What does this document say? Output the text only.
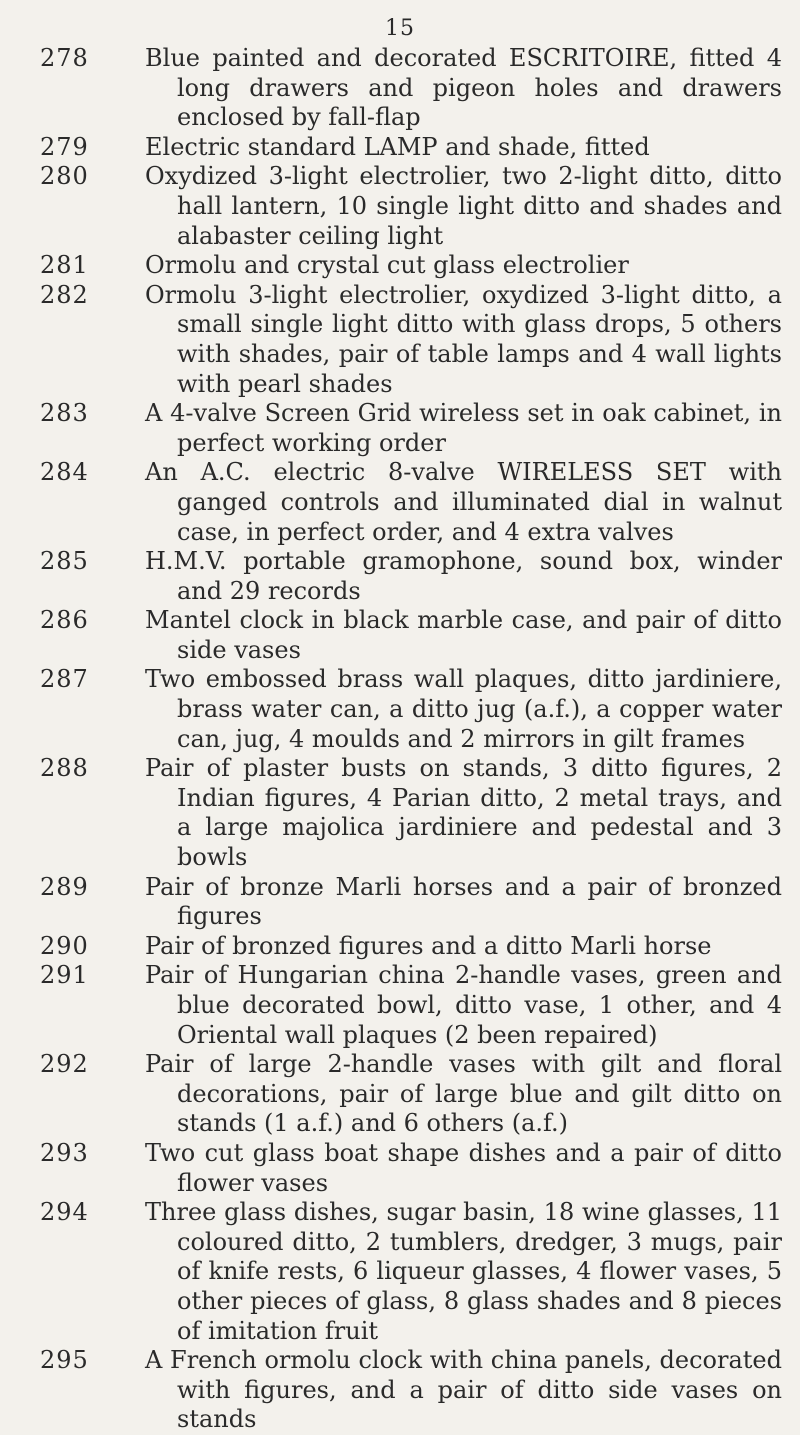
15
278 Blue painted and decorated ESCRITOIRE, fitted 4 long drawers and pigeon holes and drawers enclosed by fall-flap
279 Electric standard LAMP and shade, fitted
280 Oxydized 3-light electrolier, two 2-light ditto, ditto hall lantern, 10 single light ditto and shades and alabaster ceiling light
281 Ormolu and crystal cut glass electrolier
282 Ormolu 3-light electrolier, oxydized 3-light ditto, a small single light ditto with glass drops, 5 others with shades, pair of table lamps and 4 wall lights with pearl shades
283 A 4-valve Screen Grid wireless set in oak cabinet, in perfect working order
284 An A.C. electric 8-valve WIRELESS SET with ganged controls and illuminated dial in walnut case, in perfect order, and 4 extra valves
285 H.M.V. portable gramophone, sound box, winder and 29 records
286 Mantel clock in black marble case, and pair of ditto side vases
287 Two embossed brass wall plaques, ditto jardiniere, brass water can, a ditto jug (a.f.), a copper water can, jug, 4 moulds and 2 mirrors in gilt frames
288 Pair of plaster busts on stands, 3 ditto figures, 2 Indian figures, 4 Parian ditto, 2 metal trays, and a large majolica jardiniere and pedestal and 3 bowls
289 Pair of bronze Marli horses and a pair of bronzed figures
290 Pair of bronzed figures and a ditto Marli horse
291 Pair of Hungarian china 2-handle vases, green and blue decorated bowl, ditto vase, 1 other, and 4 Oriental wall plaques (2 been repaired)
292 Pair of large 2-handle vases with gilt and floral decorations, pair of large blue and gilt ditto on stands (1 a.f.) and 6 others (a.f.)
293 Two cut glass boat shape dishes and a pair of ditto flower vases
294 Three glass dishes, sugar basin, 18 wine glasses, 11 coloured ditto, 2 tumblers, dredger, 3 mugs, pair of knife rests, 6 liqueur glasses, 4 flower vases, 5 other pieces of glass, 8 glass shades and 8 pieces of imitation fruit
295 A French ormolu clock with china panels, decorated with figures, and a pair of ditto side vases on stands
